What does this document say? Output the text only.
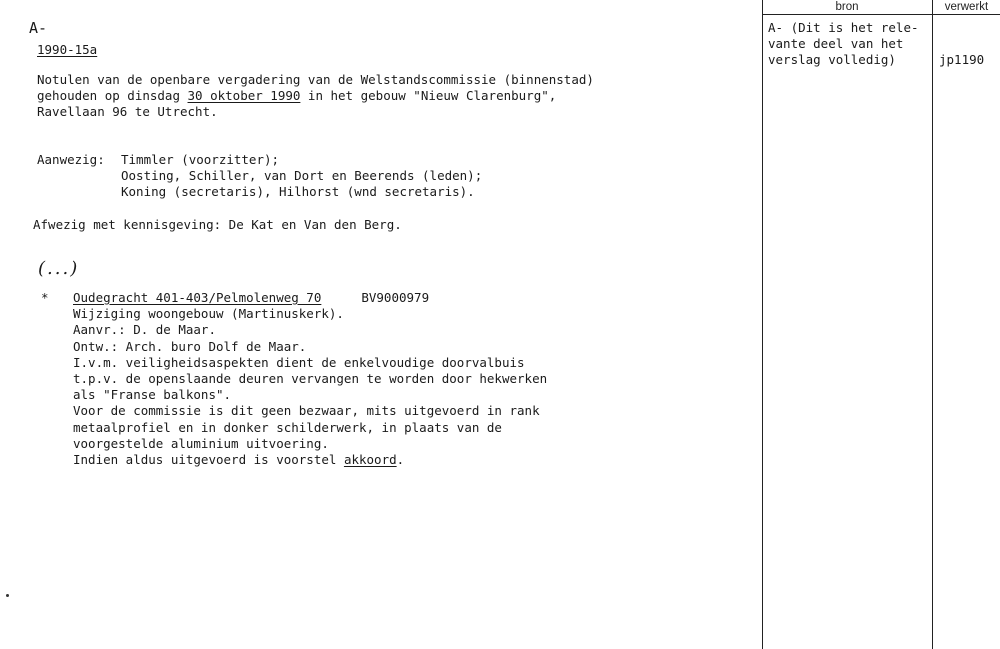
bron	verwerkt
A- (Dit is het rele-
vante deel van het
verslag volledig)	jp1190
A-
1990-15a
Notulen van de openbare vergadering van de Welstandscommissie (binnenstad)
gehouden op dinsdag 30 oktober 1990 in het gebouw "Nieuw Clarenburg",
Ravellaan 96 te Utrecht.
Aanwezig: Timmler (voorzitter);
Oosting, Schiller, van Dort en Beerends (leden);
Koning (secretaris), Hilhorst (wnd secretaris).
Afwezig met kennisgeving: De Kat en Van den Berg.
(...)
* Oudegracht 401-403/Pelmolenweg 70	BV9000979
Wijziging woongebouw (Martinuskerk).
Aanvr.: D. de Maar.
Ontw.: Arch. buro Dolf de Maar.
I.v.m. veiligheidsaspekten dient de enkelvoudige doorvalbuis
t.p.v. de openslaande deuren vervangen te worden door hekwerken
als "Franse balkons".
Voor de commissie is dit geen bezwaar, mits uitgevoerd in rank
metaalprofiel en in donker schilderwerk, in plaats van de
voorgestelde aluminium uitvoering.
Indien aldus uitgevoerd is voorstel akkoord.
